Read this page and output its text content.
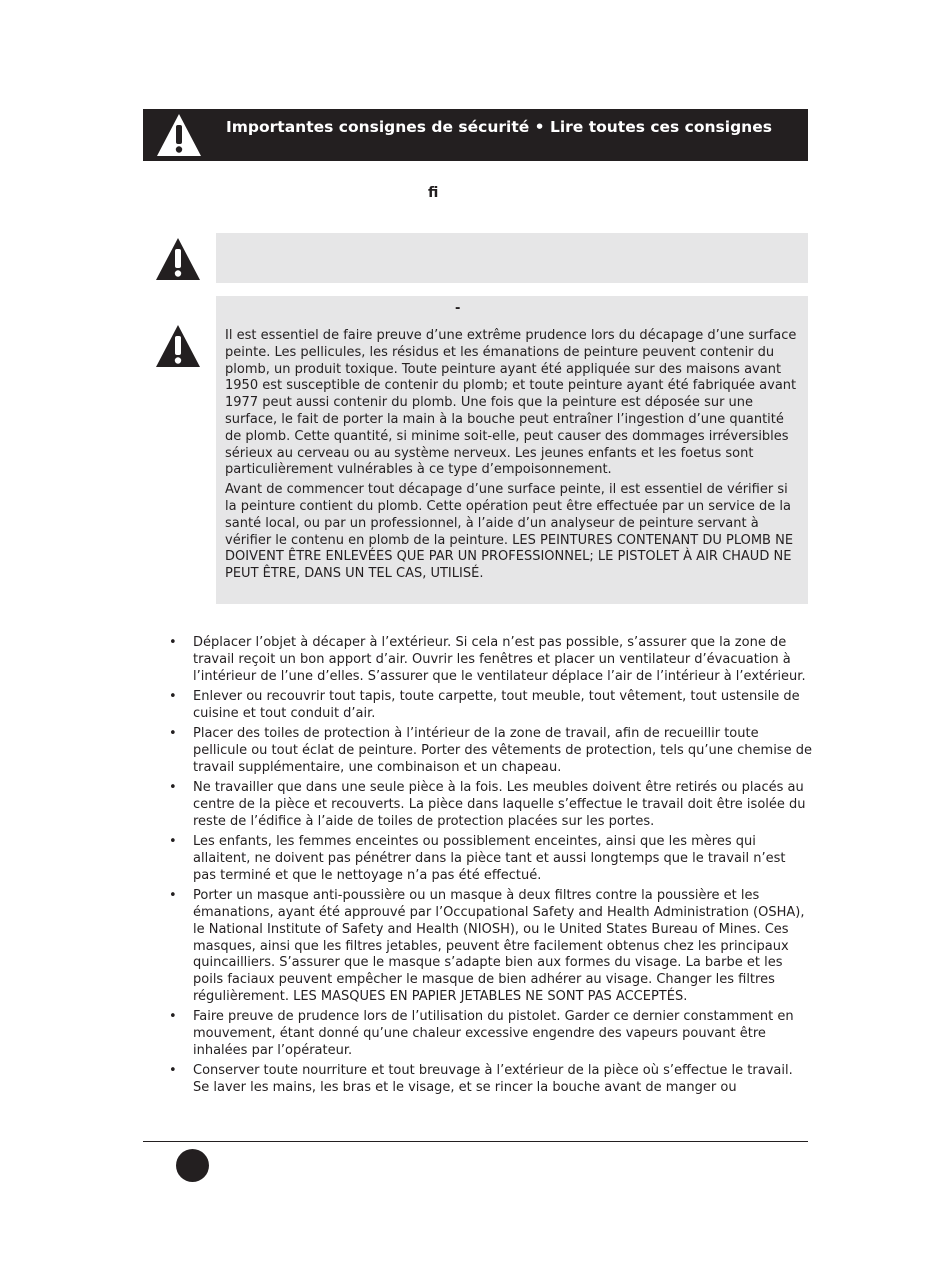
Importantes consignes de sécurité • Lire toutes ces consignes
ﬁ
-

Il est essentiel de faire preuve d’une extrême prudence lors du décapage d’une surface peinte. Les pellicules, les résidus et les émanations de peinture peuvent contenir du plomb, un produit toxique. Toute peinture ayant été appliquée sur des maisons avant 1950 est susceptible de contenir du plomb; et toute peinture ayant été fabriquée avant 1977 peut aussi contenir du plomb. Une fois que la peinture est déposée sur une surface, le fait de porter la main à la bouche peut entraîner l’ingestion d’une quantité de plomb. Cette quantité, si minime soit-elle, peut causer des dommages irréversibles sérieux au cerveau ou au système nerveux. Les jeunes enfants et les foetus sont particulièrement vulnérables à ce type d’empoisonnement.

Avant de commencer tout décapage d’une surface peinte, il est essentiel de vériﬁer si la peinture contient du plomb. Cette opération peut être effectuée par un service de la santé local, ou par un professionnel, à l’aide d’un analyseur de peinture servant à vériﬁer le contenu en plomb de la peinture. LES PEINTURES CONTENANT DU PLOMB NE DOIVENT ÊTRE ENLEVÉES QUE PAR UN PROFESSIONNEL; LE PISTOLET À AIR CHAUD NE PEUT ÊTRE, DANS UN TEL CAS, UTILISÉ.

• Déplacer l’objet à décaper à l’extérieur. Si cela n’est pas possible, s’assurer que la zone de travail reçoit un bon apport d’air. Ouvrir les fenêtres et placer un ventilateur d’évacuation à l’intérieur de l’une d’elles. S’assurer que le ventilateur déplace l’air de l’intérieur à l’extérieur.
• Enlever ou recouvrir tout tapis, toute carpette, tout meuble, tout vêtement, tout ustensile de cuisine et tout conduit d’air.
• Placer des toiles de protection à l’intérieur de la zone de travail, aﬁn de recueillir toute pellicule ou tout éclat de peinture. Porter des vêtements de protection, tels qu’une chemise de travail supplémentaire, une combinaison et un chapeau.
• Ne travailler que dans une seule pièce à la fois. Les meubles doivent être retirés ou placés au centre de la pièce et recouverts. La pièce dans laquelle s’effectue le travail doit être isolée du reste de l’édiﬁce à l’aide de toiles de protection placées sur les portes.
• Les enfants, les femmes enceintes ou possiblement enceintes, ainsi que les mères qui allaitent, ne doivent pas pénétrer dans la pièce tant et aussi longtemps que le travail n’est pas terminé et que le nettoyage n’a pas été effectué.
• Porter un masque anti-poussière ou un masque à deux ﬁltres contre la poussière et les émanations, ayant été approuvé par l’Occupational Safety and Health Administration (OSHA), le National Institute of Safety and Health (NIOSH), ou le United States Bureau of Mines. Ces masques, ainsi que les ﬁltres jetables, peuvent être facilement obtenus chez les principaux quincailliers. S’assurer que le masque s’adapte bien aux formes du visage. La barbe et les poils faciaux peuvent empêcher le masque de bien adhérer au visage. Changer les ﬁltres régulièrement. LES MASQUES EN PAPIER JETABLES NE SONT PAS ACCEPTÉS.
• Faire preuve de prudence lors de l’utilisation du pistolet. Garder ce dernier constamment en mouvement, étant donné qu’une chaleur excessive engendre des vapeurs pouvant être inhalées par l’opérateur.
• Conserver toute nourriture et tout breuvage à l’extérieur de la pièce où s’effectue le travail. Se laver les mains, les bras et le visage, et se rincer la bouche avant de manger ou
